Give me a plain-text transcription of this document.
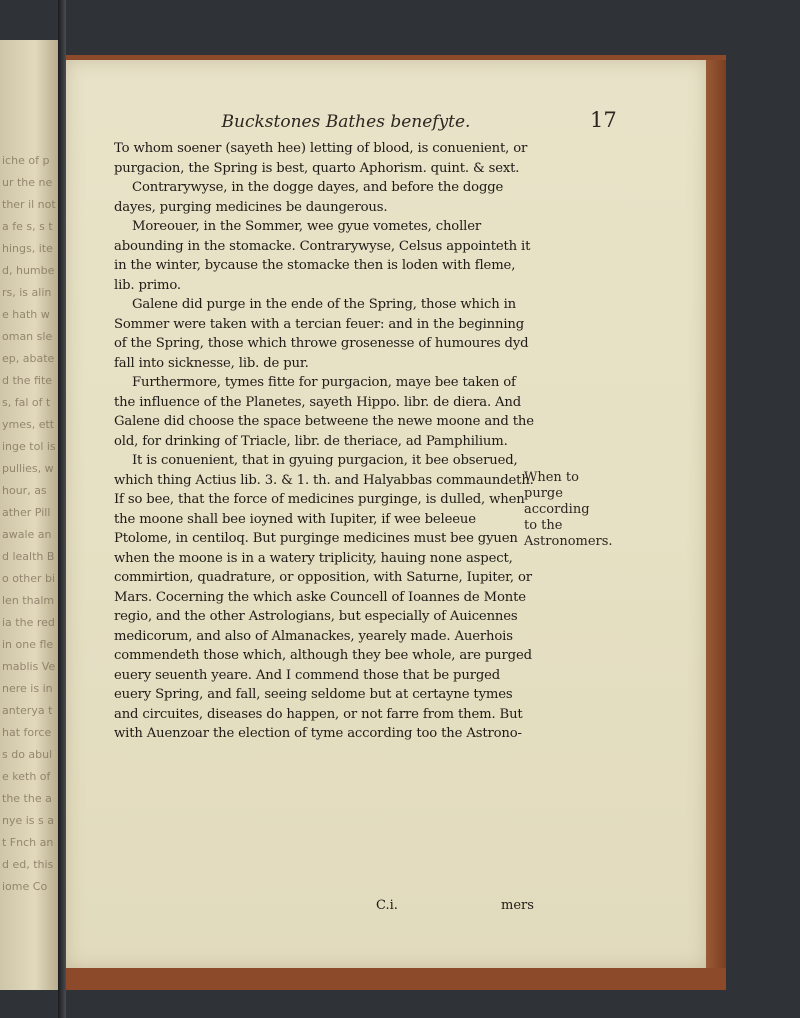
iche of pur the nether il not a fe s, s things, ited, humbers, is aline hath woman sleep, abated the fites, fal of tymes, ettinge tol is pullies, whour, as ather Pill awale and lealth Bo other bilen thalmia the red in one flemablis Venere is in anterya that force s do abule keth of the the anye is s at Fnch and ed, this iome Co
Buckstones Bathes benefyte.	17

To whom soener (sayeth hee) letting of blood, is conuenient, or purgacion, the Spring is best, quarto Aphorism. quint. & sext.

Contrarywyse, in the dogge dayes, and before the dogge dayes, purging medicines be daungerous.

Moreouer, in the Sommer, wee gyue vometes, choller abounding in the stomacke. Contrarywyse, Celsus appointeth it in the winter, bycause the stomacke then is loden with fleme, lib. primo.

Galene did purge in the ende of the Spring, those which in Sommer were taken with a tercian feuer: and in the beginning of the Spring, those which throwe grosenesse of humoures dyd fall into sicknesse, lib. de pur.

Furthermore, tymes fitte for purgacion, maye bee taken of the influence of the Planetes, sayeth Hippo. libr. de diera. And Galene did choose the space betweene the newe moone and the old, for drinking of Triacle, libr. de theriace, ad Pamphilium.

It is conuenient, that in gyuing purgacion, it bee obserued, which thing Actius lib. 3. & 1. th. and Halyabbas commaundeth. If so bee, that the force of medicines purginge, is dulled, when the moone shall bee ioyned with Iupiter, if wee beleeue Ptolome, in centiloq. But purginge medicines must bee gyuen when the moone is in a watery triplicity, hauing none aspect, commirtion, quadrature, or opposition, with Saturne, Iupiter, or Mars. Cocerning the which aske Councell of Ioannes de Monte regio, and the other Astrologians, but especially of Auicennes medicorum, and also of Almanackes, yearely made. Auerhois commendeth those which, although they bee whole, are purged euery seuenth yeare. And I commend those that be purged euery Spring, and fall, seeing seldome but at certayne tymes and circuites, diseases do happen, or not farre from them. But with Auenzoar the election of tyme according too the Astrono-

When to purge according to the Astronomers.
C.i.	mers
